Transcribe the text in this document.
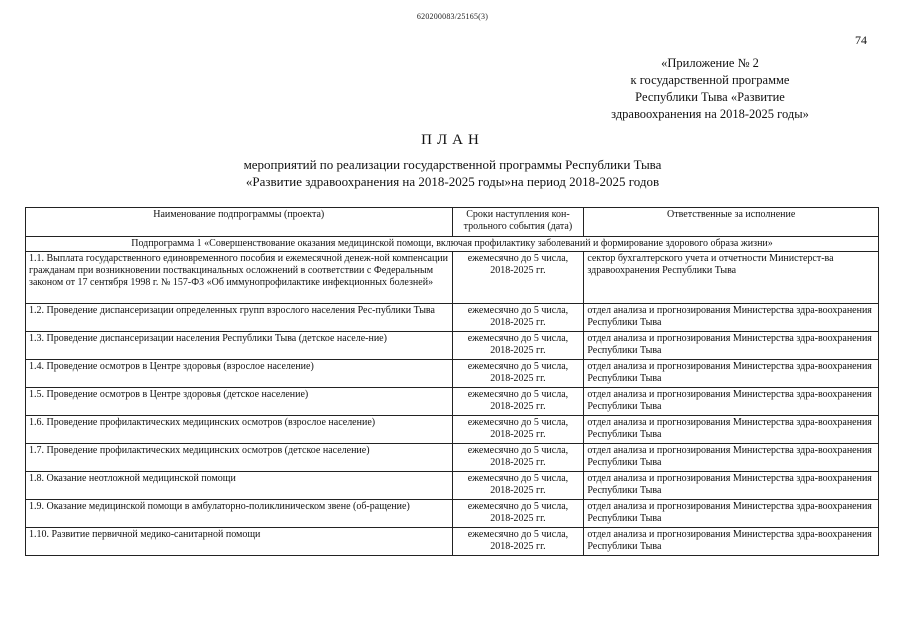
620200083/25165(3)
74
«Приложение № 2
к государственной программе
Республики Тыва «Развитие
здравоохранения на 2018-2025 годы»
ПЛАН
мероприятий по реализации государственной программы Республики Тыва
«Развитие здравоохранения на 2018-2025 годы»на период 2018-2025 годов
Наименование подпрограммы (проекта)	Сроки наступления кон-трольного события (дата)	Ответственные за исполнение
Подпрограмма 1 «Совершенствование оказания медицинской помощи, включая профилактику заболеваний и формирование здорового образа жизни»		
1.1. Выплата государственного единовременного пособия и ежемесячной денеж-ной компенсации гражданам при возникновении поствакцинальных осложнений в соответствии с Федеральным законом от 17 сентября 1998 г. № 157-ФЗ «Об иммунопрофилактике инфекционных болезней»	ежемесячно до 5 числа, 2018-2025 гг.	сектор бухгалтерского учета и отчетности Министерст-ва здравоохранения Республики Тыва
1.2. Проведение диспансеризации определенных групп взрослого населения Рес-публики Тыва	ежемесячно до 5 числа, 2018-2025 гг.	отдел анализа и прогнозирования Министерства здра-воохранения Республики Тыва
1.3. Проведение диспансеризации населения Республики Тыва (детское населе-ние)	ежемесячно до 5 числа, 2018-2025 гг.	отдел анализа и прогнозирования Министерства здра-воохранения Республики Тыва
1.4. Проведение осмотров в Центре здоровья (взрослое население)	ежемесячно до 5 числа, 2018-2025 гг.	отдел анализа и прогнозирования Министерства здра-воохранения Республики Тыва
1.5. Проведение осмотров в Центре здоровья (детское население)	ежемесячно до 5 числа, 2018-2025 гг.	отдел анализа и прогнозирования Министерства здра-воохранения Республики Тыва
1.6. Проведение профилактических медицинских осмотров (взрослое население)	ежемесячно до 5 числа, 2018-2025 гг.	отдел анализа и прогнозирования Министерства здра-воохранения Республики Тыва
1.7. Проведение профилактических медицинских осмотров (детское население)	ежемесячно до 5 числа, 2018-2025 гг.	отдел анализа и прогнозирования Министерства здра-воохранения Республики Тыва
1.8. Оказание неотложной медицинской помощи	ежемесячно до 5 числа, 2018-2025 гг.	отдел анализа и прогнозирования Министерства здра-воохранения Республики Тыва
1.9. Оказание медицинской помощи в амбулаторно-поликлиническом звене (об-ращение)	ежемесячно до 5 числа, 2018-2025 гг.	отдел анализа и прогнозирования Министерства здра-воохранения Республики Тыва
1.10. Развитие первичной медико-санитарной помощи	ежемесячно до 5 числа, 2018-2025 гг.	отдел анализа и прогнозирования Министерства здра-воохранения Республики Тыва
